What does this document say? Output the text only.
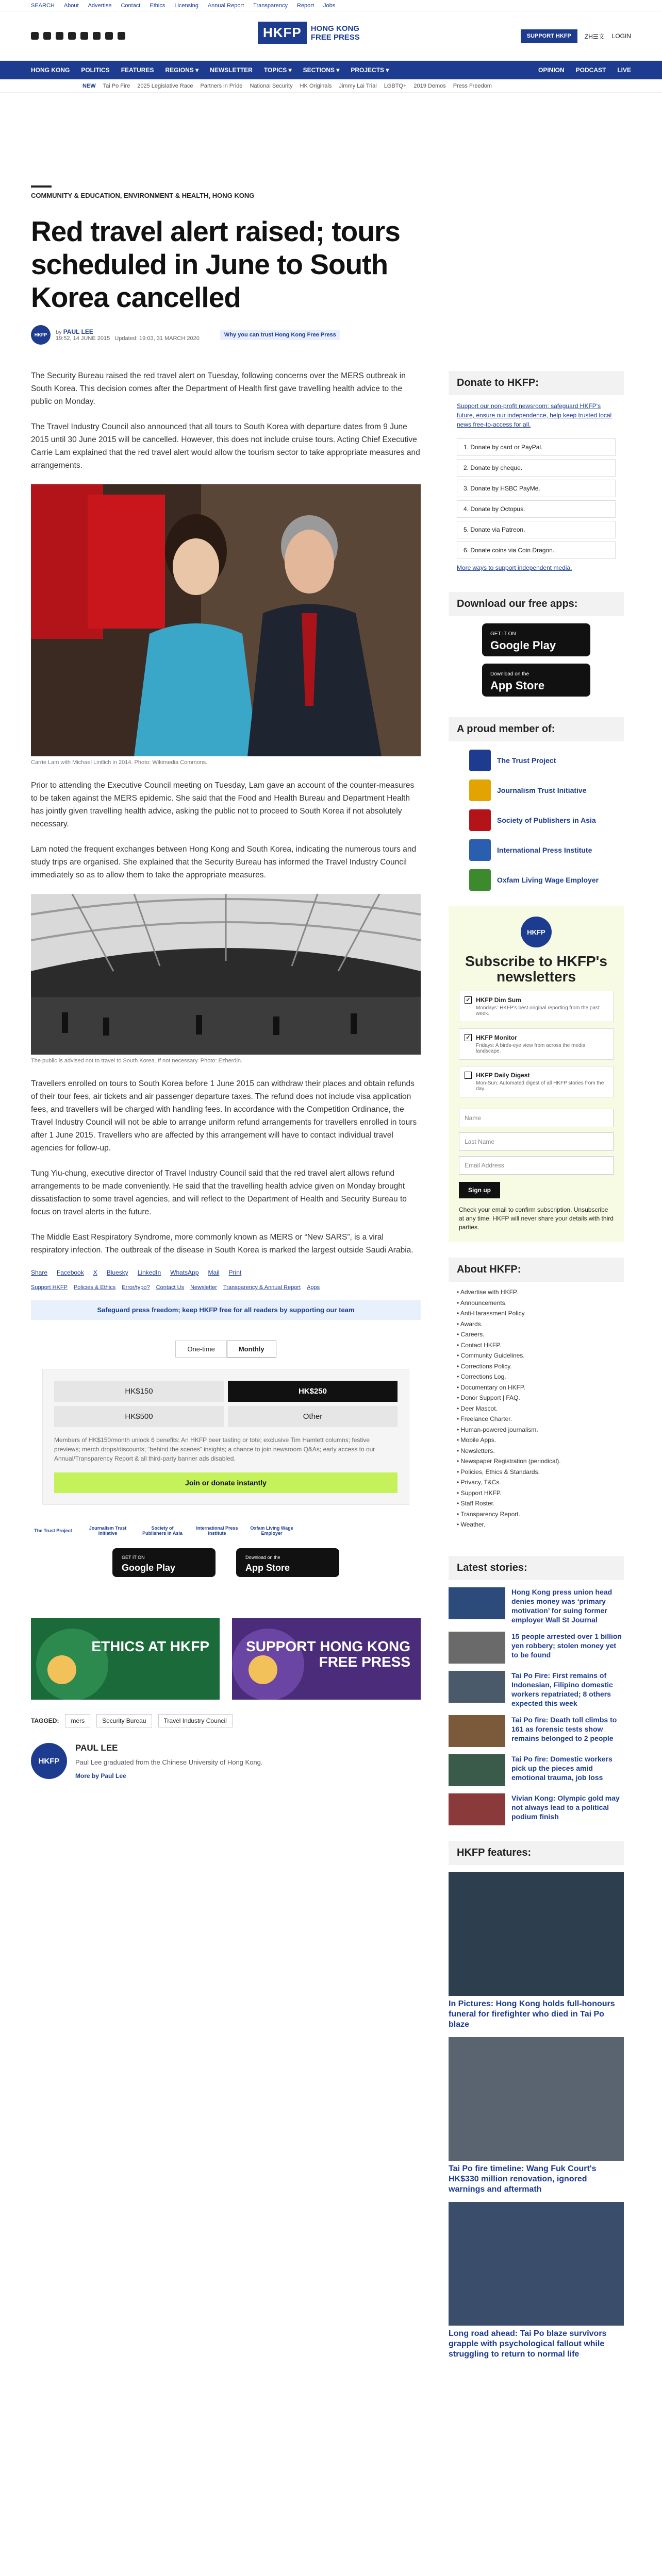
SEARCH About Advertise Contact Ethics Licensing Annual Report Transparency Report Jobs
HKFP	HONG KONG
FREE PRESS	SUPPORT HKFP	ZH☰文 LOGIN
HONG KONG POLITICS FEATURES REGIONS ▾ NEWSLETTER TOPICS ▾ SECTIONS ▾ PROJECTS ▾	OPINION PODCAST LIVE
NEW Tai Po Fire 2025 Legislative Race Partners in Pride National Security HK Originals Jimmy Lai Trial LGBTQ+ 2019 Demos Press Freedom
COMMUNITY & EDUCATION, ENVIRONMENT & HEALTH, HONG KONG
Red travel alert raised; tours scheduled in June to South Korea cancelled
HKFP	by PAUL LEE
19:52, 14 JUNE 2015 Updated: 19:03, 31 MARCH 2020
Why you can trust Hong Kong Free Press

The Security Bureau raised the red travel alert on Tuesday, following concerns over the MERS outbreak in South Korea. This decision comes after the Department of Health first gave travelling health advice to the public on Monday.

The Travel Industry Council also announced that all tours to South Korea with departure dates from 9 June 2015 until 30 June 2015 will be cancelled. However, this does not include cruise tours. Acting Chief Executive Carrie Lam explained that the red travel alert would allow the tourism sector to take appropriate measures and arrangements.

Carrie Lam with Michael Lintlich in 2014. Photo: Wikimedia Commons.

Prior to attending the Executive Council meeting on Tuesday, Lam gave an account of the counter-measures to be taken against the MERS epidemic. She said that the Food and Health Bureau and Department Health has jointly given travelling health advice, asking the public not to proceed to South Korea if not absolutely necessary.

Lam noted the frequent exchanges between Hong Kong and South Korea, indicating the numerous tours and study trips are organised. She explained that the Security Bureau has informed the Travel Industry Council immediately so as to allow them to take the appropriate measures.

The public is advised not to travel to South Korea. If not necessary. Photo: Ezherdin.

Travellers enrolled on tours to South Korea before 1 June 2015 can withdraw their places and obtain refunds of their tour fees, air tickets and air passenger departure taxes. The refund does not include visa application fees, and travellers will be charged with handling fees. In accordance with the Competition Ordinance, the Travel Industry Council will not be able to arrange uniform refund arrangements for travellers enrolled in tours after 1 June 2015. Travellers who are affected by this arrangement will have to contact individual travel agencies for follow-up.

Tung Yiu-chung, executive director of Travel Industry Council said that the red travel alert allows refund arrangements to be made conveniently. He said that the travelling health advice given on Monday brought dissatisfaction to some travel agencies, and will reflect to the Department of Health and Security Bureau to focus on travel alerts in the future.

The Middle East Respiratory Syndrome, more commonly known as MERS or “New SARS”, is a viral respiratory infection. The outbreak of the disease in South Korea is marked the largest outside Saudi Arabia.

Share Facebook X Bluesky LinkedIn WhatsApp Mail Print
Support HKFP Policies & Ethics Error/typo? Contact Us Newsletter Transparency & Annual Report Apps
Safeguard press freedom; keep HKFP free for all readers by supporting our team
One-time	Monthly
HK$150	HK$250
HK$500	Other
Members of HK$150/month unlock 6 benefits: An HKFP beer tasting or tote; exclusive Tim Hamlett columns; festive previews; merch drops/discounts; “behind the scenes” insights; a chance to join newsroom Q&As; early access to our Annual/Transparency Report & all third-party banner ads disabled.
Join or donate instantly
The Trust Project	Journalism Trust Initiative
Society of Publishers in Asia
International Press Institute
Oxfam Living Wage Employer
GET IT ON
Google Play
Download on the
App Store
ETHICS AT HKFP	SUPPORT HONG KONG FREE PRESS
TAGGED:	mers	Security Bureau	Travel Industry Council
HKFP
PAUL LEE

Paul Lee graduated from the Chinese University of Hong Kong.

More by Paul Lee
Donate to HKFP:
Support our non-profit newsroom: safeguard HKFP's future, ensure our independence, help keep trusted local news free-to-access for all.
1. Donate by card or PayPal.
2. Donate by cheque.
3. Donate by HSBC PayMe.
4. Donate by Octopus.
5. Donate via Patreon.
6. Donate coins via Coin Dragon.
More ways to support independent media.
Download our free apps:
GET IT ON
Google Play
Download on the
App Store
A proud member of:
The Trust Project
Journalism Trust Initiative
Society of Publishers in Asia
International Press Institute
Oxfam Living Wage Employer
HKFP
Subscribe to HKFP's newsletters
✓ HKFP Dim Sum

Mondays: HKFP's best original reporting from the past week.

✓ HKFP Monitor

Fridays: A birds-eye view from across the media landscape.

HKFP Daily Digest

Mon-Sun: Automated digest of all HKFP stories from the day.

Name
Last Name
Email Address
Sign up
Check your email to confirm subscription. Unsubscribe at any time. HKFP will never share your details with third parties.
About HKFP:
• Advertise with HKFP.
• Announcements.
• Anti-Harassment Policy.
• Awards.
• Careers.
• Contact HKFP.
• Community Guidelines.
• Corrections Policy.
• Corrections Log.
• Documentary on HKFP.
• Donor Support | FAQ.
• Deer Mascot.
• Freelance Charter.
• Human-powered journalism.
• Mobile Apps.
• Newsletters.
• Newspaper Registration (periodical).
• Policies, Ethics & Standards.
• Privacy, T&Cs.
• Support HKFP.
• Staff Roster.
• Transparency Report.
• Weather.
Latest stories:
Hong Kong press union head denies money was ‘primary motivation’ for suing former employer Wall St Journal
15 people arrested over 1 billion yen robbery; stolen money yet to be found
Tai Po Fire: First remains of Indonesian, Filipino domestic workers repatriated; 8 others expected this week
Tai Po fire: Death toll climbs to 161 as forensic tests show remains belonged to 2 people
Tai Po fire: Domestic workers pick up the pieces amid emotional trauma, job loss
Vivian Kong: Olympic gold may not always lead to a political podium finish
HKFP features:
In Pictures: Hong Kong holds full-honours funeral for firefighter who died in Tai Po blaze
Tai Po fire timeline: Wang Fuk Court's HK$330 million renovation, ignored warnings and aftermath
Long road ahead: Tai Po blaze survivors grapple with psychological fallout while struggling to return to normal life
